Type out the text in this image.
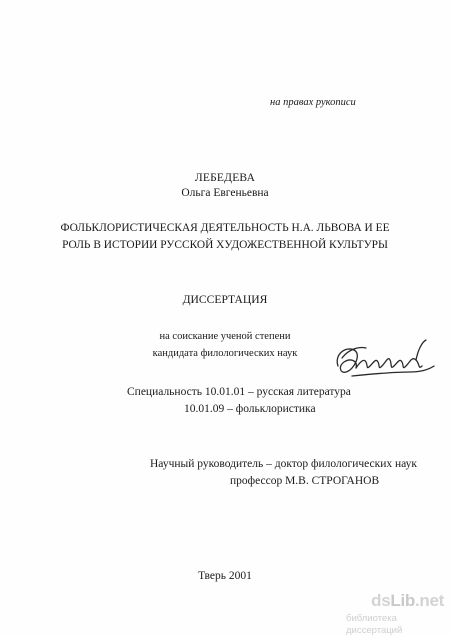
на правах рукописи
ЛЕБЕДЕВА
Ольга Евгеньевна
ФОЛЬКЛОРИСТИЧЕСКАЯ ДЕЯТЕЛЬНОСТЬ Н.А. ЛЬВОВА И ЕЕ
РОЛЬ В ИСТОРИИ РУССКОЙ ХУДОЖЕСТВЕННОЙ КУЛЬТУРЫ
ДИССЕРТАЦИЯ
на соискание ученой степени
кандидата филологических наук
Специальность 10.01.01 – русская литература
10.01.09 – фольклористика
Научный руководитель – доктор филологических наук
профессор М.В. СТРОГАНОВ
Тверь 2001
dsLib.net
библиотека диссертаций
